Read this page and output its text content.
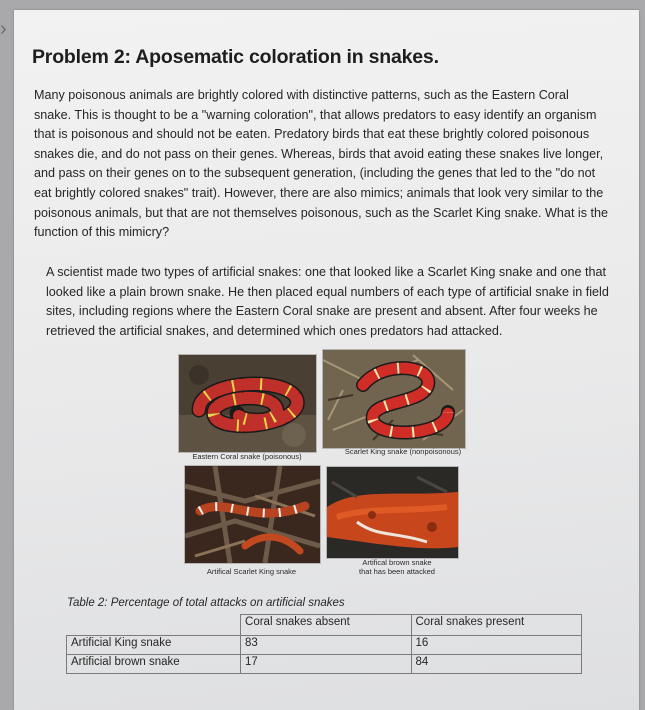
›
Problem 2: Aposematic coloration in snakes.
Many poisonous animals are brightly colored with distinctive patterns, such as the Eastern Coral snake. This is thought to be a "warning coloration", that allows predators to easy identify an organism that is poisonous and should not be eaten. Predatory birds that eat these brightly colored poisonous snakes die, and do not pass on their genes. Whereas, birds that avoid eating these snakes live longer, and pass on their genes on to the subsequent generation, (including the genes that led to the "do not eat brightly colored snakes" trait). However, there are also mimics; animals that look very similar to the poisonous animals, but that are not themselves poisonous, such as the Scarlet King snake. What is the function of this mimicry?
A scientist made two types of artificial snakes: one that looked like a Scarlet King snake and one that looked like a plain brown snake. He then placed equal numbers of each type of artificial snake in field sites, including regions where the Eastern Coral snake are present and absent. After four weeks he retrieved the artificial snakes, and determined which ones predators had attacked.
Eastern Coral snake (poisonous)
Scarlet King snake (nonpoisonous)
Artifical Scarlet King snake
Artifical brown snake
that has been attacked
Table 2: Percentage of total attacks on artificial snakes
	Coral snakes absent	Coral snakes present
Artificial King snake	83	16
Artificial brown snake	17	84
